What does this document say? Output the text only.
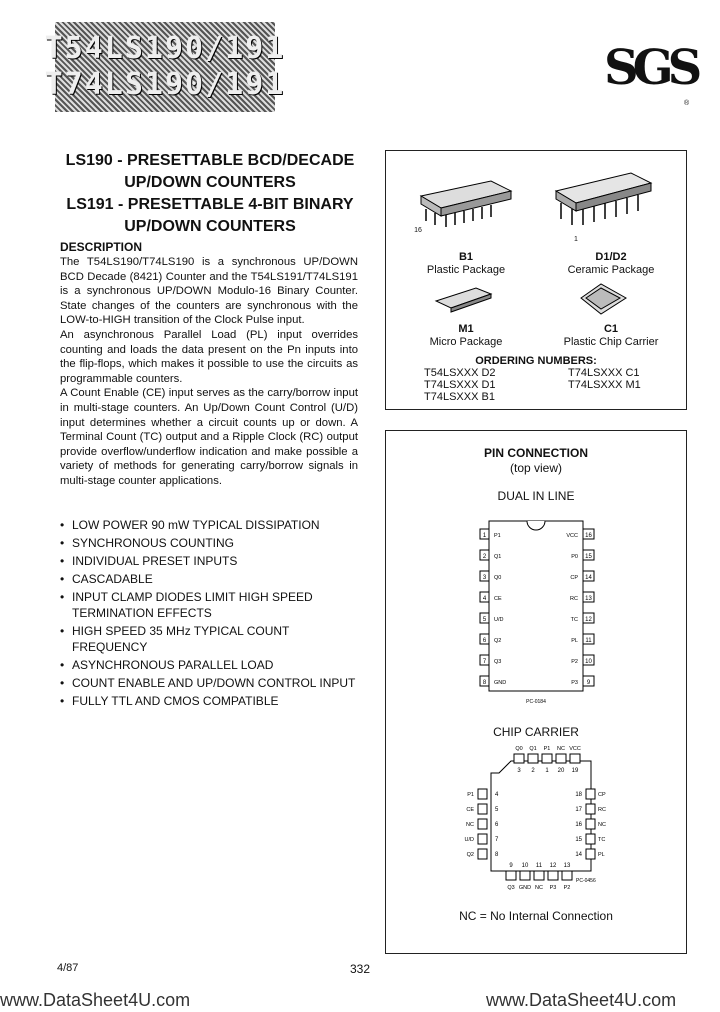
T54LS190/191
T74LS190/191	SGS
®
LS190 - PRESETTABLE BCD/DECADE
UP/DOWN COUNTERS
LS191 - PRESETTABLE 4-BIT BINARY
UP/DOWN COUNTERS
DESCRIPTION

The T54LS190/T74LS190 is a synchronous UP/DOWN BCD Decade (8421) Counter and the T54LS191/T74LS191 is a synchronous UP/DOWN Modulo-16 Binary Counter. State changes of the counters are synchronous with the LOW-to-HIGH transition of the Clock Pulse input.

An asynchronous Parallel Load (PL) input overrides counting and loads the data present on the Pn inputs into the flip-flops, which makes it possible to use the circuits as programmable counters.

A Count Enable (CE) input serves as the carry/borrow input in multi-stage counters. An Up/Down Count Control (U/D) input determines whether a circuit counts up or down. A Terminal Count (TC) output and a Ripple Clock (RC) output provide overflow/underflow indication and make possible a variety of methods for generating carry/borrow signals in multi-stage counter applications.

• LOW POWER 90 mW TYPICAL DISSIPATION
• SYNCHRONOUS COUNTING
• INDIVIDUAL PRESET INPUTS
• CASCADABLE
• INPUT CLAMP DIODES LIMIT HIGH SPEED TERMINATION EFFECTS
• HIGH SPEED 35 MHz TYPICAL COUNT FREQUENCY
• ASYNCHRONOUS PARALLEL LOAD
• COUNT ENABLE AND UP/DOWN CONTROL INPUT
• FULLY TTL AND CMOS COMPATIBLE
16
1
B1
Plastic Package
D1/D2
Ceramic Package
M1
Micro Package
C1
Plastic Chip Carrier
ORDERING NUMBERS:
T54LSXXX D2	T74LSXXX C1
T74LSXXX D1	T74LSXXX M1
T74LSXXX B1
PIN CONNECTION
(top view)
DUAL IN LINE
1 P1
2 Q1
3 Q0
4 CE
5 U/D
6 Q2
7 Q3
8 GND
16
VCC
15
P0
14
CP
13
RC
12
TC
11
PL
10
P2
9
P3
PC-0184
CHIP CARRIER
Q0
3
Q1
2
P1
1
NC
20
VCC
19
P1	4
CE	5
NC	6
U/D	7
Q2	8
18	CP
17	RC
16	NC
15	TC
14	PL
9
Q3
10
GND
11
NC
12
P3
13
P2
PC-0456
NC = No Internal Connection
4/87	332
www.DataSheet4U.com	www.DataSheet4U.com
